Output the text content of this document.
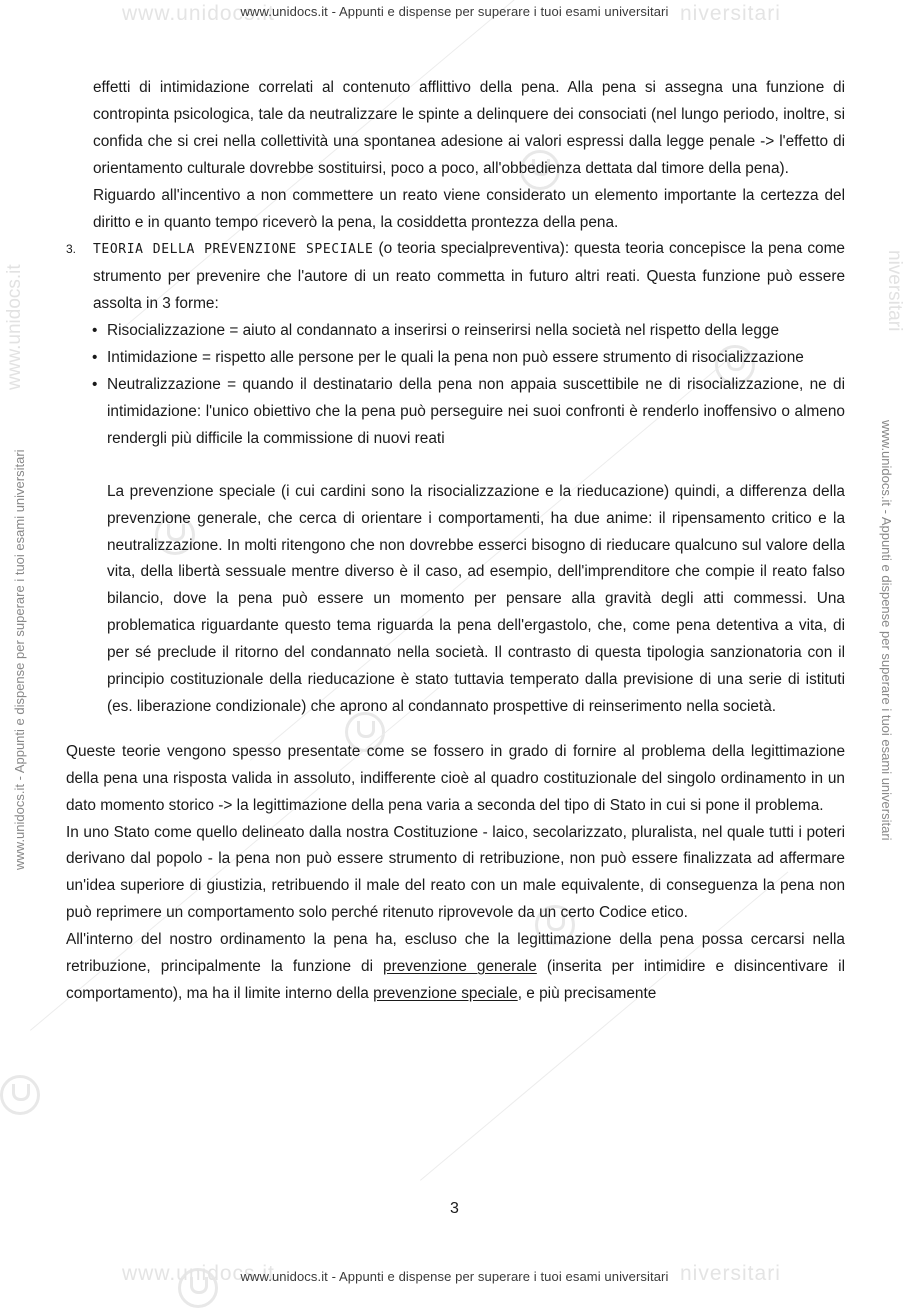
www.unidocs.it	niversitari
www.unidocs.it	niversitari
www.unidocs.it	niversitari
www.unidocs.it - Appunti e dispense per superare i tuoi esami universitari
www.unidocs.it - Appunti e dispense per superare i tuoi esami universitari	www.unidocs.it - Appunti e dispense per superare i tuoi esami universitari

effetti di intimidazione correlati al contenuto afflittivo della pena. Alla pena si assegna una funzione di contropinta psicologica, tale da neutralizzare le spinte a delinquere dei consociati (nel lungo periodo, inoltre, si confida che si crei nella collettività una spontanea adesione ai valori espressi dalla legge penale -> l'effetto di orientamento culturale dovrebbe sostituirsi, poco a poco, all'obbedienza dettata dal timore della pena).

Riguardo all'incentivo a non commettere un reato viene considerato un elemento importante la certezza del diritto e in quanto tempo riceverò la pena, la cosiddetta prontezza della pena.

3. TEORIA DELLA PREVENZIONE SPECIALE (o teoria specialpreventiva): questa teoria concepisce la pena come strumento per prevenire che l'autore di un reato commetta in futuro altri reati. Questa funzione può essere assolta in 3 forme:
• Risocializzazione = aiuto al condannato a inserirsi o reinserirsi nella società nel rispetto della legge
• Intimidazione = rispetto alle persone per le quali la pena non può essere strumento di risocializzazione
• Neutralizzazione = quando il destinatario della pena non appaia suscettibile ne di risocializzazione, ne di intimidazione: l'unico obiettivo che la pena può perseguire nei suoi confronti è renderlo inoffensivo o almeno rendergli più difficile la commissione di nuovi reati

La prevenzione speciale (i cui cardini sono la risocializzazione e la rieducazione) quindi, a differenza della prevenzione generale, che cerca di orientare i comportamenti, ha due anime: il ripensamento critico e la neutralizzazione. In molti ritengono che non dovrebbe esserci bisogno di rieducare qualcuno sul valore della vita, della libertà sessuale mentre diverso è il caso, ad esempio, dell'imprenditore che compie il reato falso bilancio, dove la pena può essere un momento per pensare alla gravità degli atti commessi. Una problematica riguardante questo tema riguarda la pena dell'ergastolo, che, come pena detentiva a vita, di per sé preclude il ritorno del condannato nella società. Il contrasto di questa tipologia sanzionatoria con il principio costituzionale della rieducazione è stato tuttavia temperato dalla previsione di una serie di istituti (es. liberazione condizionale) che aprono al condannato prospettive di reinserimento nella società.

Queste teorie vengono spesso presentate come se fossero in grado di fornire al problema della legittimazione della pena una risposta valida in assoluto, indifferente cioè al quadro costituzionale del singolo ordinamento in un dato momento storico -> la legittimazione della pena varia a seconda del tipo di Stato in cui si pone il problema.

In uno Stato come quello delineato dalla nostra Costituzione - laico, secolarizzato, pluralista, nel quale tutti i poteri derivano dal popolo - la pena non può essere strumento di retribuzione, non può essere finalizzata ad affermare un'idea superiore di giustizia, retribuendo il male del reato con un male equivalente, di conseguenza la pena non può reprimere un comportamento solo perché ritenuto riprovevole da un certo Codice etico.

All'interno del nostro ordinamento la pena ha, escluso che la legittimazione della pena possa cercarsi nella retribuzione, principalmente la funzione di prevenzione generale (inserita per intimidire e disincentivare il comportamento), ma ha il limite interno della prevenzione speciale, e più precisamente

3
www.unidocs.it - Appunti e dispense per superare i tuoi esami universitari
